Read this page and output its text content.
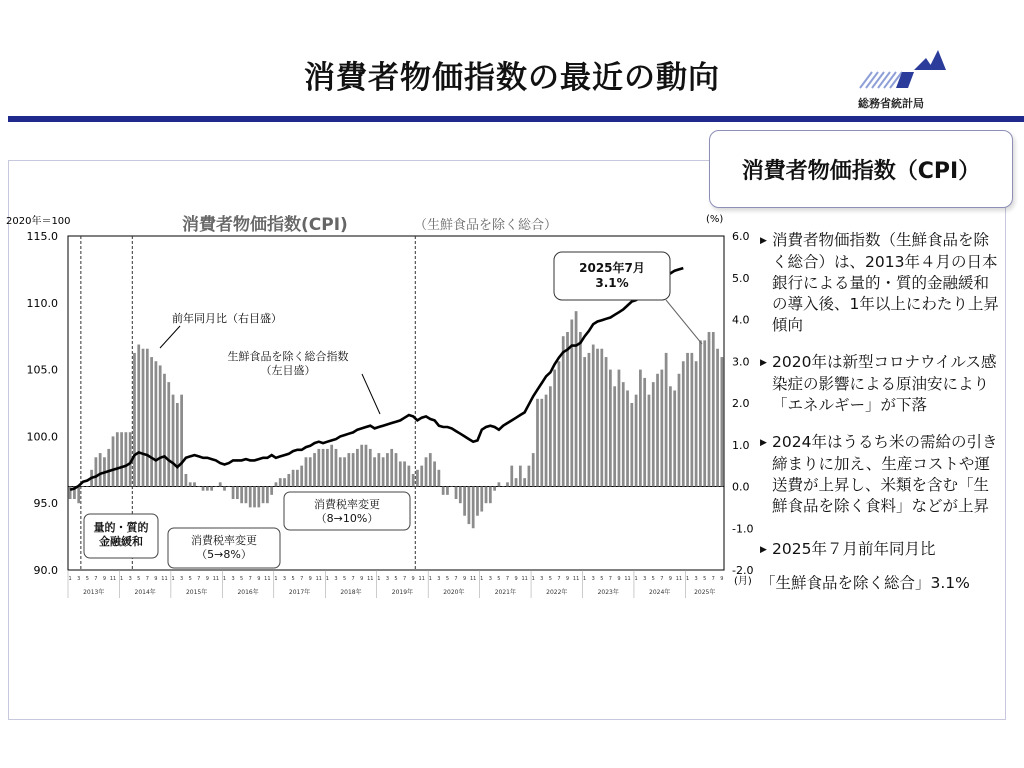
消費者物価指数の最近の動向
総務省統計局
消費者物価指数（CPI）
▶ 消費者物価指数（生鮮食品を除く総合）は、2013年４月の日本銀行による量的・質的金融緩和の導入後、1年以上にわたり上昇傾向
▶ 2020年は新型コロナウイルス感染症の影響による原油安により「エネルギー」が下落
▶ 2024年はうるち米の需給の引き締まりに加え、生産コストや運送費が上昇し、米類を含む「生鮮食品を除く食料」などが上昇
▶ 2025年７月前年同月比
「生鮮食品を除く総合」3.1%
消費者物価指数(CPI)	（生鮮食品を除く総合）
2020年＝100	(%)
115.0
110.0
105.0
100.0
95.0
90.0
6.0
5.0
4.0
3.0
2.0
1.0
0.0
-1.0
-2.0
1 3 5 7 9 11
2013年
1 3 5 7 9 11
2014年
1 3 5 7 9 11
2015年
1 3 5 7 9 11
2016年
1 3 5 7 9 11
2017年
1 3 5 7 9 11
2018年
1 3 5 7 9 11
2019年
1 3 5 7 9 11
2020年
1 3 5 7 9 11
2021年
1 3 5 7 9 11
2022年
1 3 5 7 9 11
2023年
1 3 5 7 9 11
2024年
1 3 5 7 9
2025年
(月)
前年同月比（右目盛）
生鮮食品を除く総合指数
（左目盛）
量的・質的
金融緩和	消費税率変更
（5→8%）
消費税率変更
（8→10%）
2025年7月
3.1%
